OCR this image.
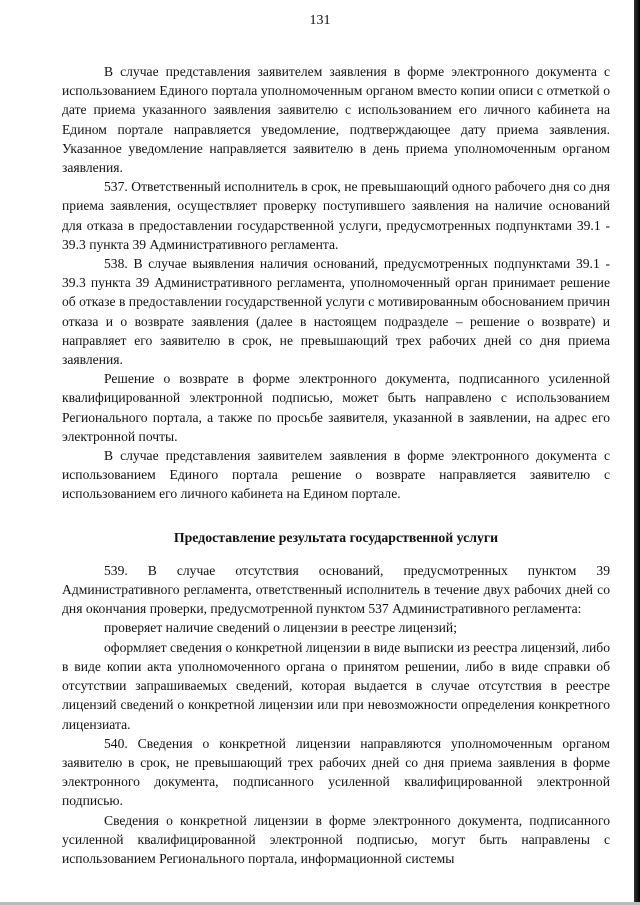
131

В случае представления заявителем заявления в форме электронного документа с использованием Единого портала уполномоченным органом вместо копии описи с отметкой о дате приема указанного заявления заявителю с использованием его личного кабинета на Едином портале направляется уведомление, подтверждающее дату приема заявления. Указанное уведомление направляется заявителю в день приема уполномоченным органом заявления.

537. Ответственный исполнитель в срок, не превышающий одного рабочего дня со дня приема заявления, осуществляет проверку поступившего заявления на наличие оснований для отказа в предоставлении государственной услуги, предусмотренных подпунктами 39.1 - 39.3 пункта 39 Административного регламента.

538. В случае выявления наличия оснований, предусмотренных подпунктами 39.1 - 39.3 пункта 39 Административного регламента, уполномоченный орган принимает решение об отказе в предоставлении государственной услуги с мотивированным обоснованием причин отказа и о возврате заявления (далее в настоящем подразделе – решение о возврате) и направляет его заявителю в срок, не превышающий трех рабочих дней со дня приема заявления.

Решение о возврате в форме электронного документа, подписанного усиленной квалифицированной электронной подписью, может быть направлено с использованием Регионального портала, а также по просьбе заявителя, указанной в заявлении, на адрес его электронной почты.

В случае представления заявителем заявления в форме электронного документа с использованием Единого портала решение о возврате направляется заявителю с использованием его личного кабинета на Едином портале.

Предоставление результата государственной услуги

539. В случае отсутствия оснований, предусмотренных пунктом 39 Административного регламента, ответственный исполнитель в течение двух рабочих дней со дня окончания проверки, предусмотренной пунктом 537 Административного регламента:

проверяет наличие сведений о лицензии в реестре лицензий;

оформляет сведения о конкретной лицензии в виде выписки из реестра лицензий, либо в виде копии акта уполномоченного органа о принятом решении, либо в виде справки об отсутствии запрашиваемых сведений, которая выдается в случае отсутствия в реестре лицензий сведений о конкретной лицензии или при невозможности определения конкретного лицензиата.

540. Сведения о конкретной лицензии направляются уполномоченным органом заявителю в срок, не превышающий трех рабочих дней со дня приема заявления в форме электронного документа, подписанного усиленной квалифицированной электронной подписью.

Сведения о конкретной лицензии в форме электронного документа, подписанного усиленной квалифицированной электронной подписью, могут быть направлены с использованием Регионального портала, информационной системы
